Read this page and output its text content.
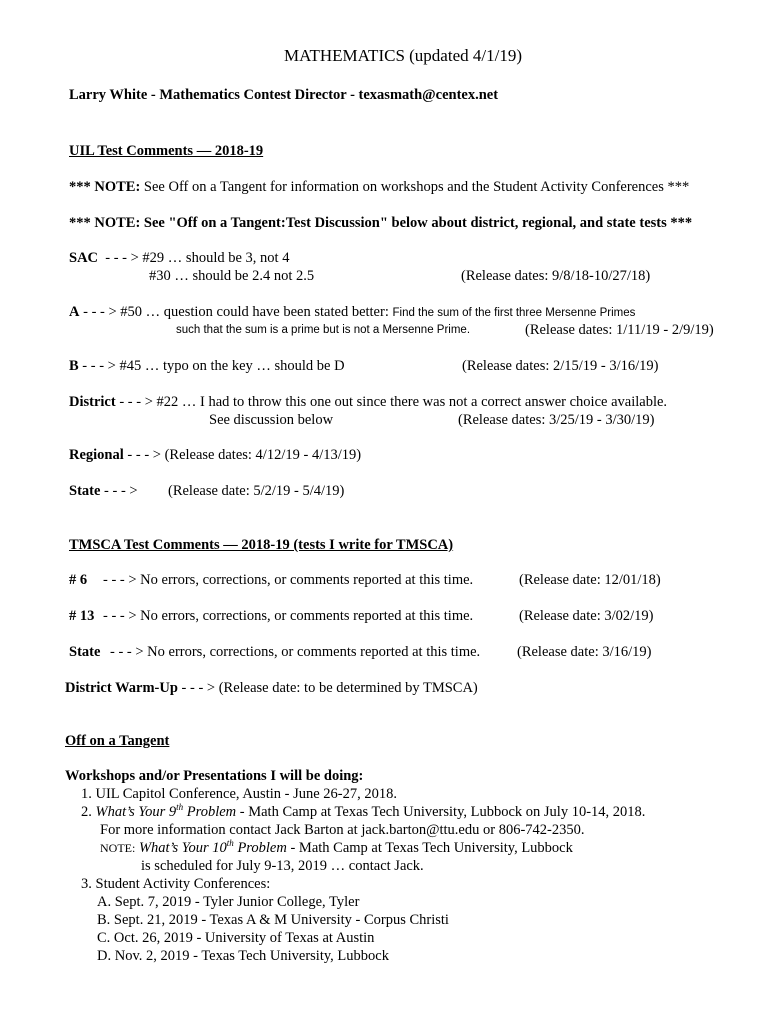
MATHEMATICS (updated 4/1/19)
Larry White - Mathematics Contest Director - texasmath@centex.net
UIL Test Comments — 2018-19
*** NOTE: See Off on a Tangent for information on workshops and the Student Activity Conferences ***
*** NOTE: See "Off on a Tangent:Test Discussion" below about district, regional, and state tests ***
SAC - - - > #29 … should be 3, not 4
#30 … should be 2.4 not 2.5	(Release dates: 9/8/18-10/27/18)
A - - - > #50 … question could have been stated better: Find the sum of the first three Mersenne Primes
such that the sum is a prime but is not a Mersenne Prime.	(Release dates: 1/11/19 - 2/9/19)
B - - - > #45 … typo on the key … should be D	(Release dates: 2/15/19 - 3/16/19)
District - - - > #22 … I had to throw this one out since there was not a correct answer choice available.
See discussion below	(Release dates: 3/25/19 - 3/30/19)
Regional - - - > (Release dates: 4/12/19 - 4/13/19)
State - - - > (Release date: 5/2/19 - 5/4/19)
TMSCA Test Comments — 2018-19 (tests I write for TMSCA)
# 6 - - - > No errors, corrections, or comments reported at this time.	(Release date: 12/01/18)
# 13 - - - > No errors, corrections, or comments reported at this time.	(Release date: 3/02/19)
State - - - > No errors, corrections, or comments reported at this time.	(Release date: 3/16/19)
District Warm-Up - - - > (Release date: to be determined by TMSCA)
Off on a Tangent
Workshops and/or Presentations I will be doing:
1. UIL Capitol Conference, Austin - June 26-27, 2018.
2. What’s Your 9th Problem - Math Camp at Texas Tech University, Lubbock on July 10-14, 2018.
For more information contact Jack Barton at jack.barton@ttu.edu or 806-742-2350.
NOTE: What’s Your 10th Problem - Math Camp at Texas Tech University, Lubbock
is scheduled for July 9-13, 2019 … contact Jack.
3. Student Activity Conferences:
A. Sept. 7, 2019 - Tyler Junior College, Tyler
B. Sept. 21, 2019 - Texas A & M University - Corpus Christi
C. Oct. 26, 2019 - University of Texas at Austin
D. Nov. 2, 2019 - Texas Tech University, Lubbock
